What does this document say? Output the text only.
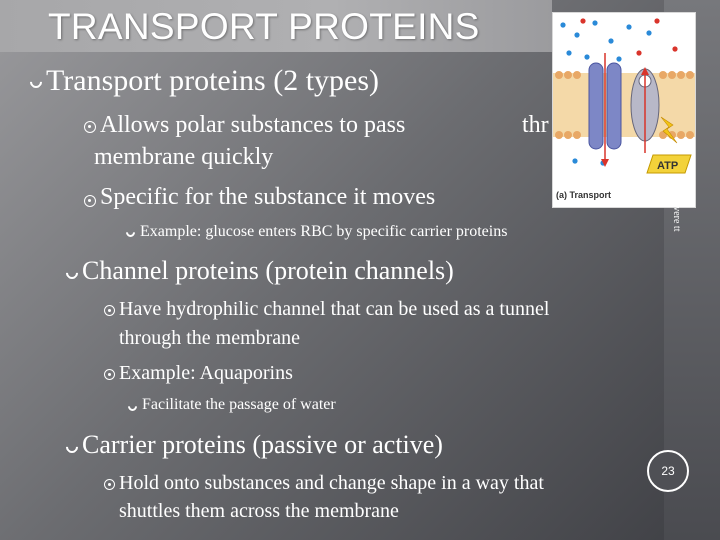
TRANSPORT PROTEINS
ATP
(a) Transport
Transport proteins (2 types)
Allows polar substances to pass	thr
membrane quickly
Specific for the substance it moves
Example: glucose enters RBC by specific carrier proteins
Channel proteins (protein channels)
Have hydrophilic channel that can be used as a tunnel
through the membrane
Example: Aquaporins
Facilitate the passage of water
Carrier proteins (passive or active)
Hold onto substances and change shape in a way that
shuttles them across the membrane
t Avere tt
23
